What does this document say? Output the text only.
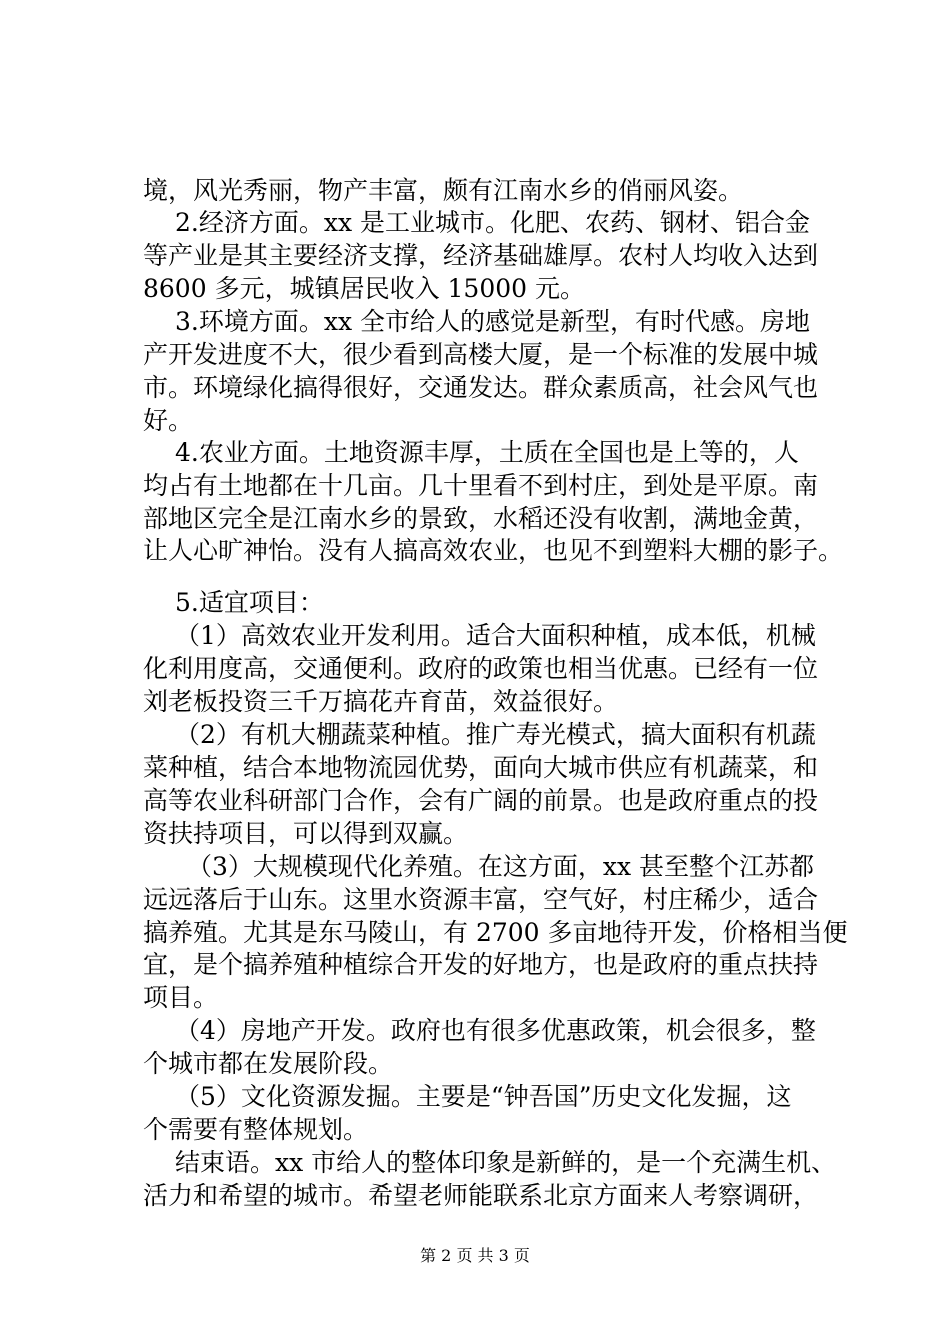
境，风光秀丽，物产丰富，颇有江南水乡的俏丽风姿。
2.经济方面。xx 是工业城市。化肥、农药、钢材、铝合金
等产业是其主要经济支撑，经济基础雄厚。农村人均收入达到
8600 多元，城镇居民收入 15000 元。
3.环境方面。xx 全市给人的感觉是新型，有时代感。房地
产开发进度不大，很少看到高楼大厦，是一个标准的发展中城
市。环境绿化搞得很好，交通发达。群众素质高，社会风气也
好。
4.农业方面。土地资源丰厚，土质在全国也是上等的，人
均占有土地都在十几亩。几十里看不到村庄，到处是平原。南
部地区完全是江南水乡的景致，水稻还没有收割，满地金黄，
让人心旷神怡。没有人搞高效农业，也见不到塑料大棚的影子。
5.适宜项目：
（1）高效农业开发利用。适合大面积种植，成本低，机械
化利用度高，交通便利。政府的政策也相当优惠。已经有一位
刘老板投资三千万搞花卉育苗，效益很好。
（2）有机大棚蔬菜种植。推广寿光模式，搞大面积有机蔬
菜种植，结合本地物流园优势，面向大城市供应有机蔬菜，和
高等农业科研部门合作，会有广阔的前景。也是政府重点的投
资扶持项目，可以得到双赢。
（3）大规模现代化养殖。在这方面，xx 甚至整个江苏都
远远落后于山东。这里水资源丰富，空气好，村庄稀少，适合
搞养殖。尤其是东马陵山，有 2700 多亩地待开发，价格相当便
宜，是个搞养殖种植综合开发的好地方，也是政府的重点扶持
项目。
（4）房地产开发。政府也有很多优惠政策，机会很多，整
个城市都在发展阶段。
（5）文化资源发掘。主要是“钟吾国”历史文化发掘，这
个需要有整体规划。
结束语。xx 市给人的整体印象是新鲜的，是一个充满生机、
活力和希望的城市。希望老师能联系北京方面来人考察调研，
第 2 页 共 3 页
